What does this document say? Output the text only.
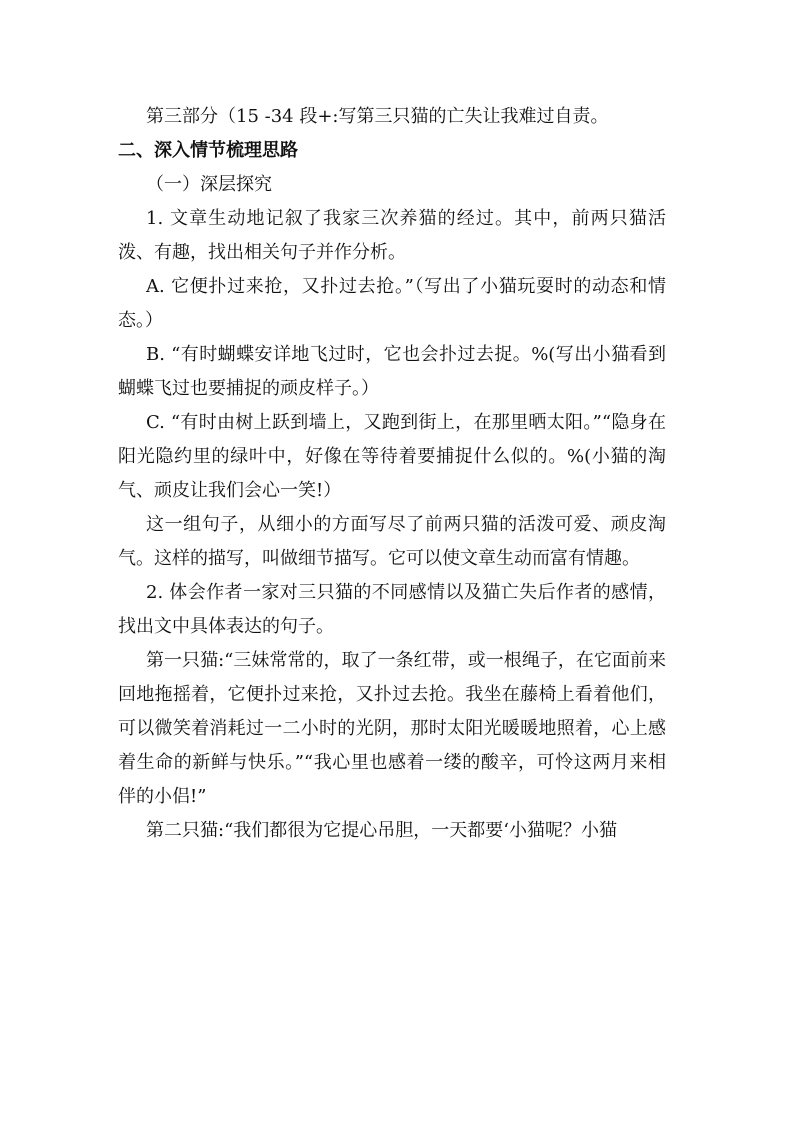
第三部分（15 -34 段+:写第三只猫的亡失让我难过自责。

二、深入情节梳理思路

（一）深层探究

1. 文章生动地记叙了我家三次养猫的经过。其中，前两只猫活泼、有趣，找出相关句子并作分析。

A. 它便扑过来抢，又扑过去抢。”（写出了小猫玩耍时的动态和情态。）

B. “有时蝴蝶安详地飞过时，它也会扑过去捉。%(写出小猫看到蝴蝶飞过也要捕捉的顽皮样子。）

C. “有时由树上跃到墙上，又跑到街上，在那里晒太阳。”“隐身在阳光隐约里的绿叶中，好像在等待着要捕捉什么似的。%(小猫的淘气、顽皮让我们会心一笑!）

这一组句子，从细小的方面写尽了前两只猫的活泼可爱、顽皮淘气。这样的描写，叫做细节描写。它可以使文章生动而富有情趣。

2. 体会作者一家对三只猫的不同感情以及猫亡失后作者的感情，找出文中具体表达的句子。

第一只猫:“三妹常常的，取了一条红带，或一根绳子，在它面前来回地拖摇着，它便扑过来抢，又扑过去抢。我坐在藤椅上看着他们，可以微笑着消耗过一二小时的光阴，那时太阳光暖暖地照着，心上感着生命的新鲜与快乐。”“我心里也感着一缕的酸辛，可怜这两月来相伴的小侣!”

第二只猫:“我们都很为它提心吊胆，一天都要‘小猫呢？小猫
